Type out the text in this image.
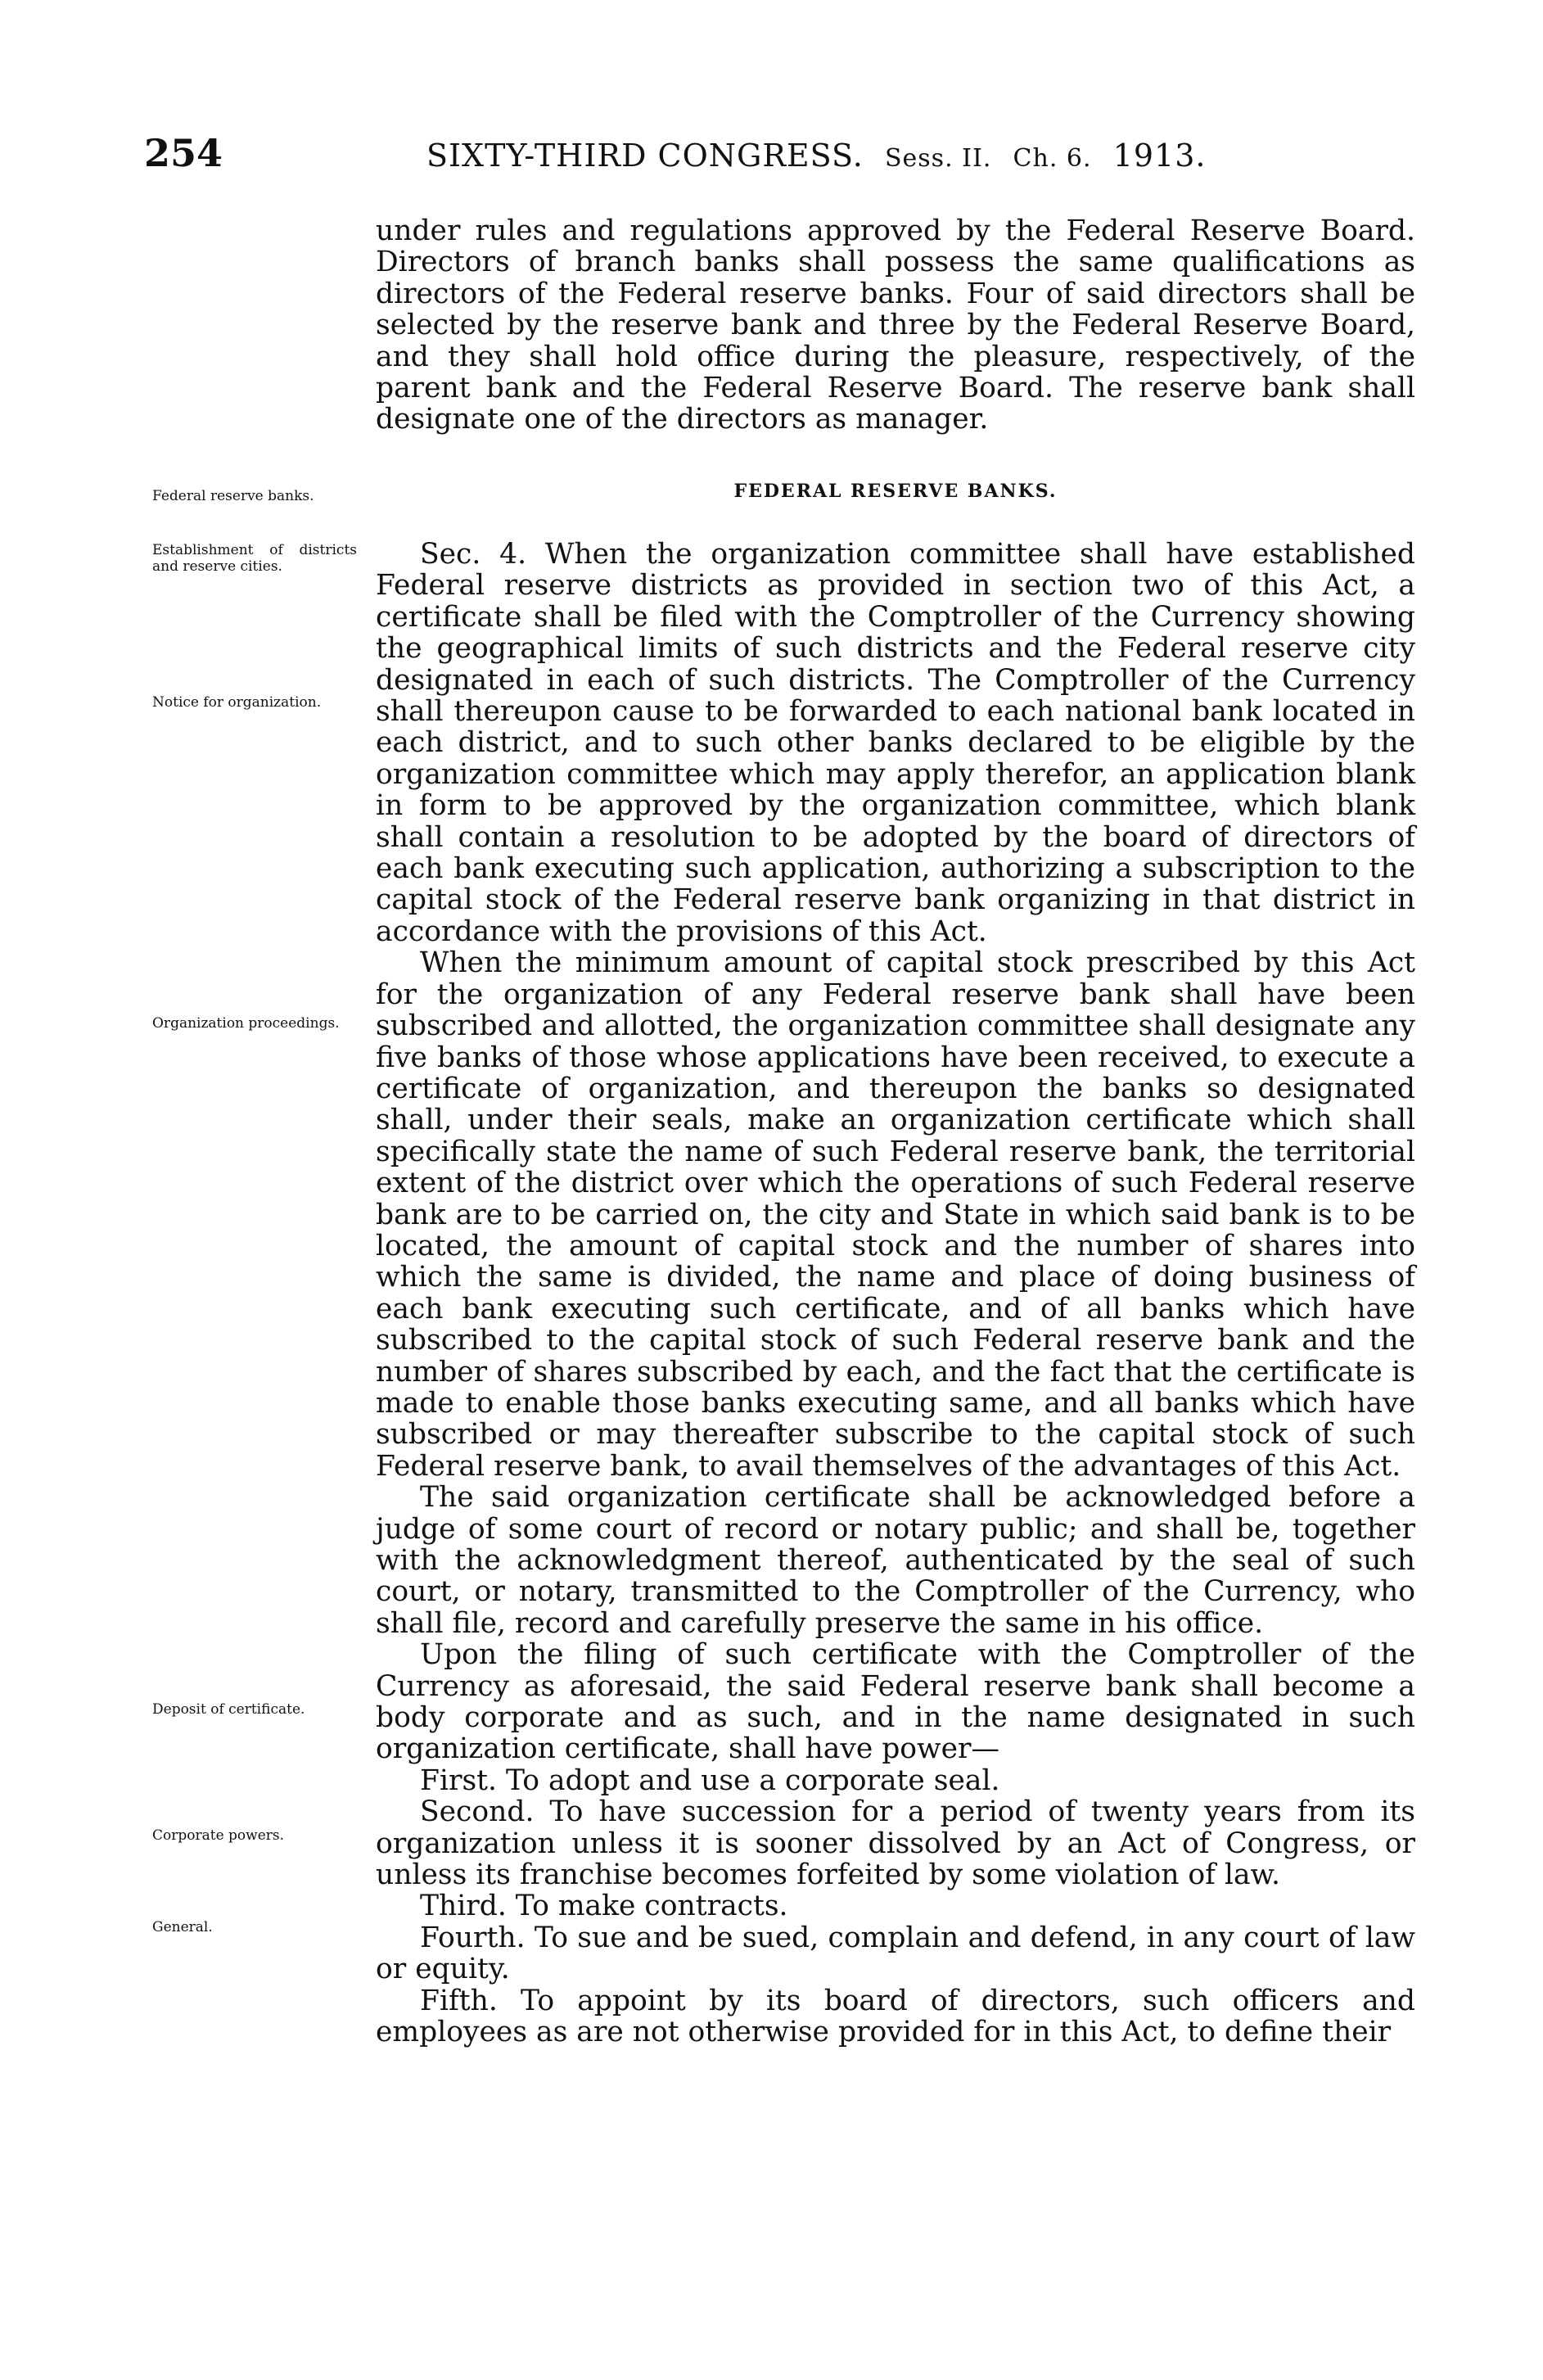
254	SIXTY-THIRD CONGRESS. Sess. II. Ch. 6. 1913.

under rules and regulations approved by the Federal Reserve Board. Directors of branch banks shall possess the same qualifications as directors of the Federal reserve banks. Four of said directors shall be selected by the reserve bank and three by the Federal Reserve Board, and they shall hold office during the pleasure, respectively, of the parent bank and the Federal Reserve Board. The reserve bank shall designate one of the directors as manager.

FEDERAL RESERVE BANKS.
Federal reserve banks.
Establishment of districts and reserve cities.
Notice for organization.
Organization proceedings.
Deposit of certificate.
Corporate powers.
General.

Sec. 4. When the organization committee shall have established Federal reserve districts as provided in section two of this Act, a certificate shall be filed with the Comptroller of the Currency showing the geographical limits of such districts and the Federal reserve city designated in each of such districts. The Comptroller of the Currency shall thereupon cause to be forwarded to each national bank located in each district, and to such other banks declared to be eligible by the organization committee which may apply therefor, an application blank in form to be approved by the organization committee, which blank shall contain a resolution to be adopted by the board of directors of each bank executing such application, authorizing a subscription to the capital stock of the Federal reserve bank organizing in that district in accordance with the provisions of this Act.

When the minimum amount of capital stock prescribed by this Act for the organization of any Federal reserve bank shall have been subscribed and allotted, the organization committee shall designate any five banks of those whose applications have been received, to execute a certificate of organization, and thereupon the banks so designated shall, under their seals, make an organization certificate which shall specifically state the name of such Federal reserve bank, the territorial extent of the district over which the operations of such Federal reserve bank are to be carried on, the city and State in which said bank is to be located, the amount of capital stock and the number of shares into which the same is divided, the name and place of doing business of each bank executing such certificate, and of all banks which have subscribed to the capital stock of such Federal reserve bank and the number of shares subscribed by each, and the fact that the certificate is made to enable those banks executing same, and all banks which have subscribed or may thereafter subscribe to the capital stock of such Federal reserve bank, to avail themselves of the advantages of this Act.

The said organization certificate shall be acknowledged before a judge of some court of record or notary public; and shall be, together with the acknowledgment thereof, authenticated by the seal of such court, or notary, transmitted to the Comptroller of the Currency, who shall file, record and carefully preserve the same in his office.

Upon the filing of such certificate with the Comptroller of the Currency as aforesaid, the said Federal reserve bank shall become a body corporate and as such, and in the name designated in such organization certificate, shall have power—

First. To adopt and use a corporate seal.

Second. To have succession for a period of twenty years from its organization unless it is sooner dissolved by an Act of Congress, or unless its franchise becomes forfeited by some violation of law.

Third. To make contracts.

Fourth. To sue and be sued, complain and defend, in any court of law or equity.

Fifth. To appoint by its board of directors, such officers and employees as are not otherwise provided for in this Act, to define their
